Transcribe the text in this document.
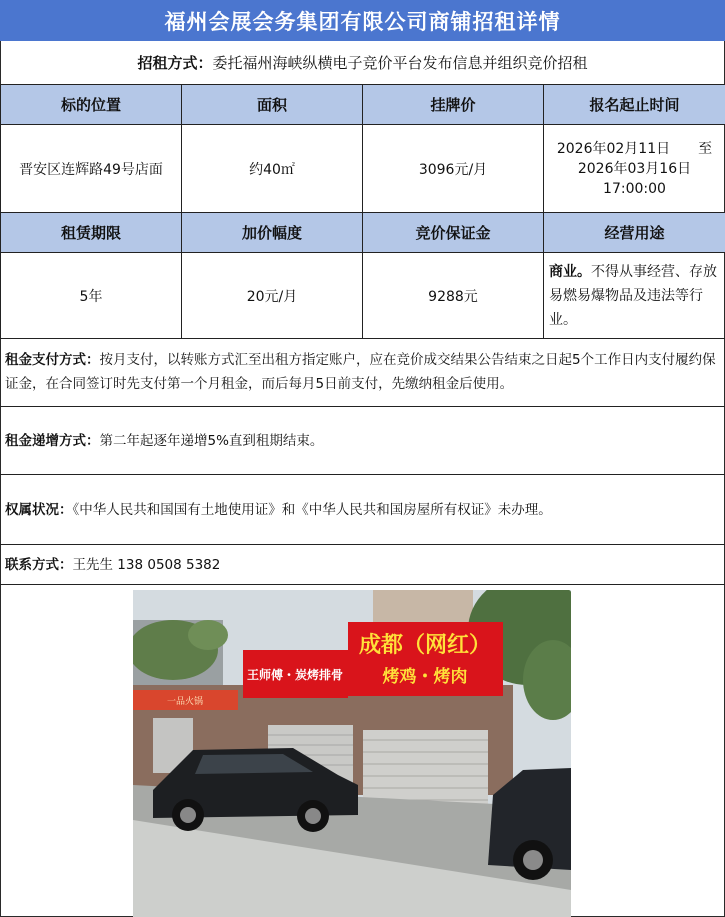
福州会展会务集团有限公司商铺招租详情
招租方式： 委托福州海峡纵横电子竞价平台发布信息并组织竞价招租
标的位置	面积	挂牌价	报名起止时间
晋安区连辉路49号店面	约40㎡	3096元/月	2026年02月11日　　至
2026年03月16日
17:00:00
租赁期限	加价幅度	竞价保证金	经营用途
5年	20元/月	9288元	商业。不得从事经营、存放易燃易爆物品及违法等行业。
租金支付方式：按月支付，以转账方式汇至出租方指定账户，应在竞价成交结果公告结束之日起5个工作日内支付履约保证金，在合同签订时先支付第一个月租金，而后每月5日前支付，先缴纳租金后使用。
租金递增方式：第二年起逐年递增5%直到租期结束。
权属状况：《中华人民共和国国有土地使用证》和《中华人民共和国房屋所有权证》未办理。
联系方式：王先生 138 0508 5382
成都（网红）
烤鸡・烤肉
王师傅・炭烤排骨
一品火锅
